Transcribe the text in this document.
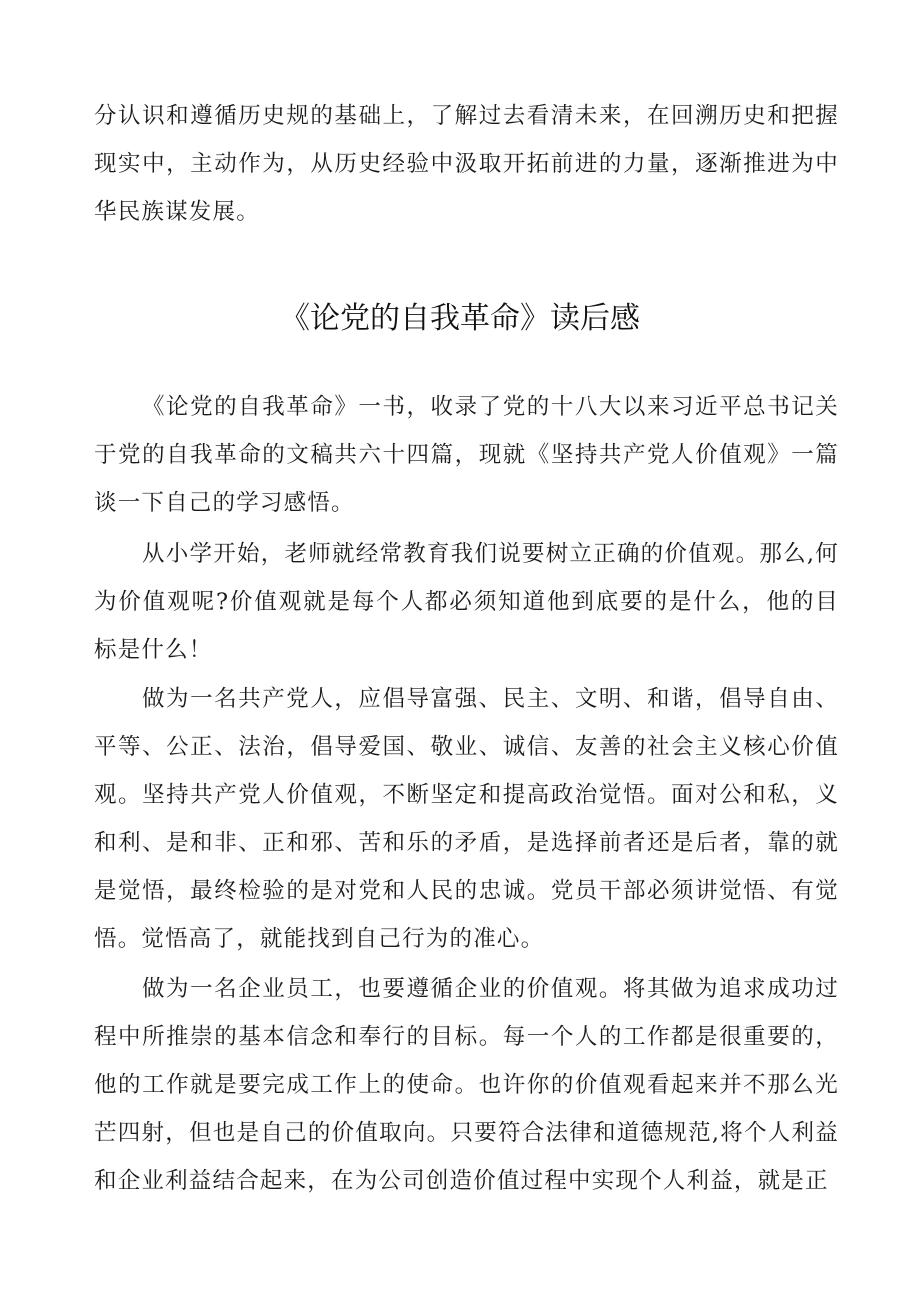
分认识和遵循历史规的基础上，了解过去看清未来，在回溯历史和把握现实中，主动作为，从历史经验中汲取开拓前进的力量，逐渐推进为中华民族谋发展。

《论党的自我革命》读后感

《论党的自我革命》一书，收录了党的十八大以来习近平总书记关于党的自我革命的文稿共六十四篇，现就《坚持共产党人价值观》一篇谈一下自己的学习感悟。

从小学开始，老师就经常教育我们说要树立正确的价值观。那么,何为价值观呢?价值观就是每个人都必须知道他到底要的是什么，他的目标是什么！

做为一名共产党人，应倡导富强、民主、文明、和谐，倡导自由、平等、公正、法治，倡导爱国、敬业、诚信、友善的社会主义核心价值观。坚持共产党人价值观，不断坚定和提高政治觉悟。面对公和私，义和利、是和非、正和邪、苦和乐的矛盾，是选择前者还是后者，靠的就是觉悟，最终检验的是对党和人民的忠诚。党员干部必须讲觉悟、有觉悟。觉悟高了，就能找到自己行为的准心。

做为一名企业员工，也要遵循企业的价值观。将其做为追求成功过程中所推崇的基本信念和奉行的目标。每一个人的工作都是很重要的，他的工作就是要完成工作上的使命。也许你的价值观看起来并不那么光芒四射，但也是自己的价值取向。只要符合法律和道德规范,将个人利益和企业利益结合起来，在为公司创造价值过程中实现个人利益，就是正
